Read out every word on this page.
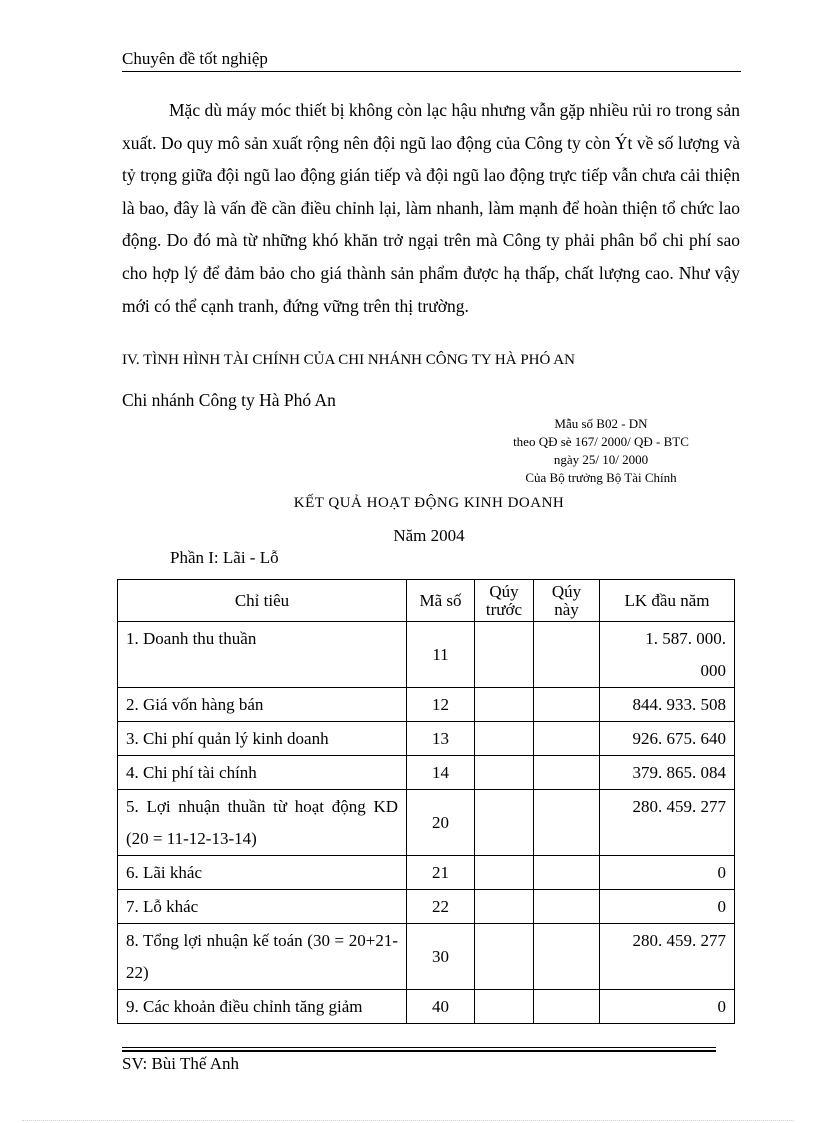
Chuyên đề tốt nghiệp

Mặc dù máy móc thiết bị không còn lạc hậu nhưng vẫn gặp nhiều rủi ro trong sản xuất. Do quy mô sản xuất rộng nên đội ngũ lao động của Công ty còn Ýt về số lượng và tỷ trọng giữa đội ngũ lao động gián tiếp và đội ngũ lao động trực tiếp vẫn chưa cải thiện là bao, đây là vấn đề cần điều chỉnh lại, làm nhanh, làm mạnh để hoàn thiện tổ chức lao động. Do đó mà từ những khó khăn trở ngại trên mà Công ty phải phân bổ chi phí sao cho hợp lý để đảm bảo cho giá thành sản phẩm được hạ thấp, chất lượng cao. Như vậy mới có thể cạnh tranh, đứng vững trên thị trường.

IV. TÌNH HÌNH TÀI CHÍNH CỦA CHI NHÁNH CÔNG TY HÀ PHÓ AN
Chi nhánh Công ty Hà Phó An
Mẫu số B02 - DN
theo QĐ sè 167/ 2000/ QĐ - BTC
ngày 25/ 10/ 2000
Của Bộ trưởng Bộ Tài Chính
KẾT QUẢ HOẠT ĐỘNG KINH DOANH
Năm 2004
Phần I: Lãi - Lỗ
Chỉ tiêu	Mã số	Qúy trước	Qúy này	LK đầu năm
1. Doanh thu thuần	11			1. 587. 000.
000

2. Giá vốn hàng bán	12			844. 933. 508
3. Chi phí quản lý kinh doanh	13			926. 675. 640
4. Chi phí tài chính	14			379. 865. 084
5. Lợi nhuận thuần từ hoạt động KD (20 = 11-12-13-14)	20			280. 459. 277
6. Lãi khác	21			0
7. Lỗ khác	22			0
8. Tổng lợi nhuận kế toán (30 = 20+21-22)	30			280. 459. 277
9. Các khoản điều chỉnh tăng giảm	40			0
SV: Bùi Thế Anh
